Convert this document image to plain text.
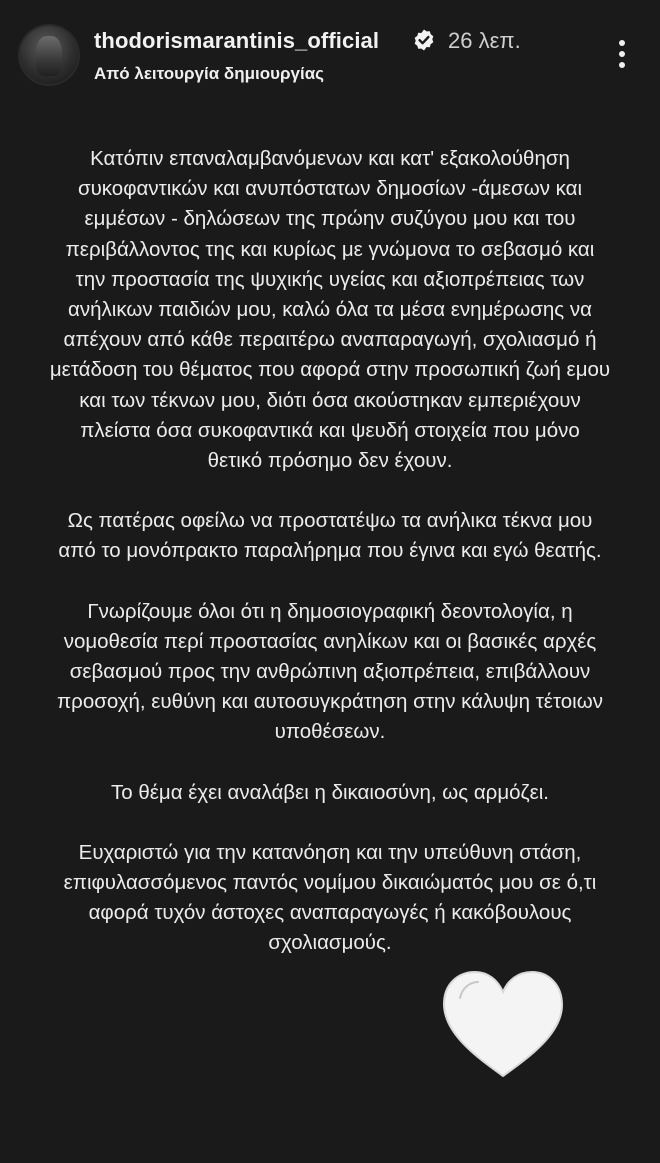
thodorismarantinis_official	26 λεπ.
Από λειτουργία δημιουργίας

Κατόπιν επαναλαμβανόμενων και κατ' εξακολούθηση
συκοφαντικών και ανυπόστατων δημοσίων -άμεσων και
εμμέσων - δηλώσεων της πρώην συζύγου μου και του
περιβάλλοντος της και κυρίως με γνώμονα το σεβασμό και
την προστασία της ψυχικής υγείας και αξιοπρέπειας των
ανήλικων παιδιών μου, καλώ όλα τα μέσα ενημέρωσης να
απέχουν από κάθε περαιτέρω αναπαραγωγή, σχολιασμό ή
μετάδοση του θέματος που αφορά στην προσωπική ζωή εμου
και των τέκνων μου, διότι όσα ακούστηκαν εμπεριέχουν
πλείστα όσα συκοφαντικά και ψευδή στοιχεία που μόνο
θετικό πρόσημο δεν έχουν.

Ως πατέρας οφείλω να προστατέψω τα ανήλικα τέκνα μου
από το μονόπρακτο παραλήρημα που έγινα και εγώ θεατής.

Γνωρίζουμε όλοι ότι η δημοσιογραφική δεοντολογία, η
νομοθεσία περί προστασίας ανηλίκων και οι βασικές αρχές
σεβασμού προς την ανθρώπινη αξιοπρέπεια, επιβάλλουν
προσοχή, ευθύνη και αυτοσυγκράτηση στην κάλυψη τέτοιων
υποθέσεων.

Το θέμα έχει αναλάβει η δικαιοσύνη, ως αρμόζει.

Ευχαριστώ για την κατανόηση και την υπεύθυνη στάση,
επιφυλασσόμενος παντός νομίμου δικαιώματός μου σε ό,τι
αφορά τυχόν άστοχες αναπαραγωγές ή κακόβουλους
σχολιασμούς.
